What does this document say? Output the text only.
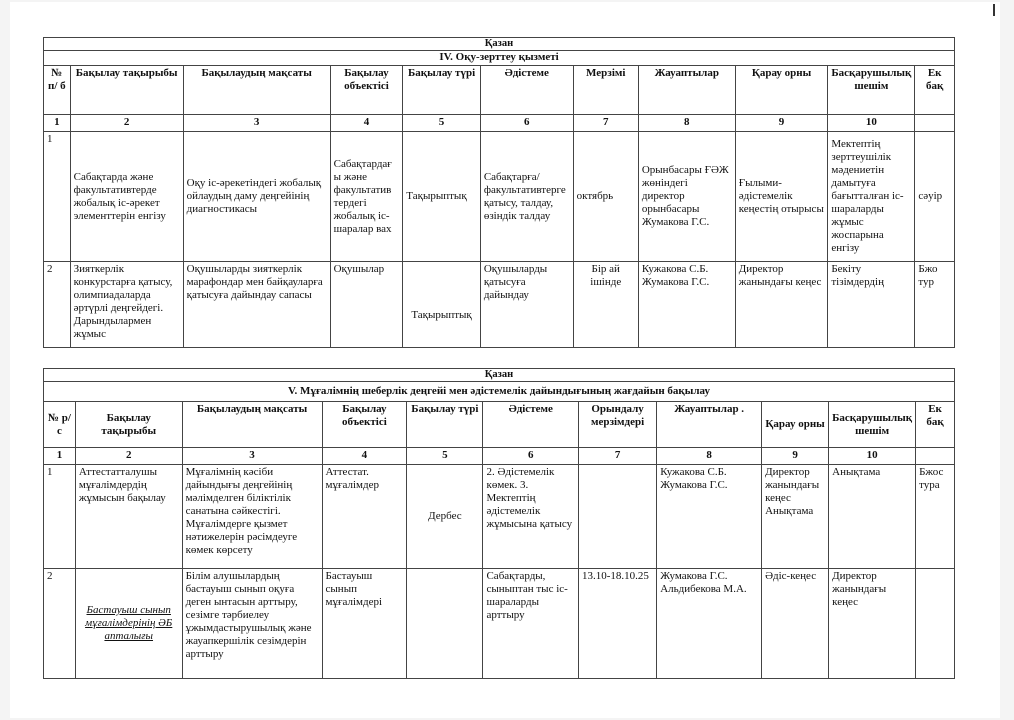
Қазан										
IV. Оқу-зерттеу қызметі										
№ п/ б	Бақылау тақырыбы	Бақылаудың мақсаты	Бақылау объектісі	Бақылау түрі	Әдістеме	Мерзімі	Жауаптылар	Қарау орны	Басқарушылық шешім	Ек бақ
1	2	3	4	5	6	7	8	9	10	
1	Сабақтарда және факультативтерде жобалық іс-әрекет элементтерін енгізу	Оқу іс-әрекетіндегі жобалық ойлаудың даму деңгейінің диагностикасы	Сабақтардағ ы және факультатив тердегі жобалық іс-шаралар вах	Тақырыптық	Сабақтарға/факультативтерге қатысу, талдау, өзіндік талдау	октябрь	Орынбасары ҒӘЖ жөніндегі директор орынбасары Жумакова Г.С.	Ғылыми-әдістемелік кеңестің отырысы	Мектептің зерттеушілік мәдениетін дамытуға бағытталған іс-шараларды жұмыс жоспарына енгізу	сәуір
2	Зияткерлік конкурстарға қатысу, олимпиадаларда әртүрлі деңгейдегі. Дарындылармен жұмыс	Оқушыларды зияткерлік марафондар мен байқауларға қатысуға дайындау сапасы	Оқушылар	Тақырыптық	Оқушыларды қатысуға дайындау	Бір ай ішінде	Кужакова С.Б. Жумакова Г.С.	Директор жанындағы кеңес	Бекіту тізімдердің	Бжо тур
Қазан										
V. Мұғалімнің шеберлік деңгейі мен әдістемелік дайындығының жағдайын бақылау										
№ р/с	Бақылау тақырыбы	Бақылаудың мақсаты	Бақылау объектісі	Бақылау түрі	Әдістеме	Орындалу мерзімдері	Жауаптылар .	Қарау орны	Басқарушылық шешім	Ек бақ
1	2	3	4	5	6	7	8	9	10	
1	Аттестатталушы мұғалімдердің жұмысын бақылау	Мұғалімнің кәсіби дайындығы деңгейінің мәлімделген біліктілік санатына сәйкестігі. Мұғалімдерге қызмет нәтижелерін рәсімдеуге көмек көрсету	Аттестат. мұғалімдер	Дербес	2. Әдістемелік көмек. 3. Мектептің әдістемелік жұмысына қатысу		Кужакова С.Б. Жумакова Г.С.	Директор жанындағы кеңес Анықтама	Анықтама	Бжос тура
2	Бастауыш сынып мұғалімдерінің ӘБ апталығы	Білім алушылардың бастауыш сынып оқуға деген ынтасын арттыру, сезімге тәрбиелеу ұжымдастырушылық және жауапкершілік сезімдерін арттыру	Бастауыш сынып мұғалімдері		Сабақтарды, сыныптан тыс іс-шараларды арттыру	13.10-18.10.25	Жумакова Г.С. Альдибекова М.А.	Әдіс-кеңес	Директор жанындағы кеңес	
